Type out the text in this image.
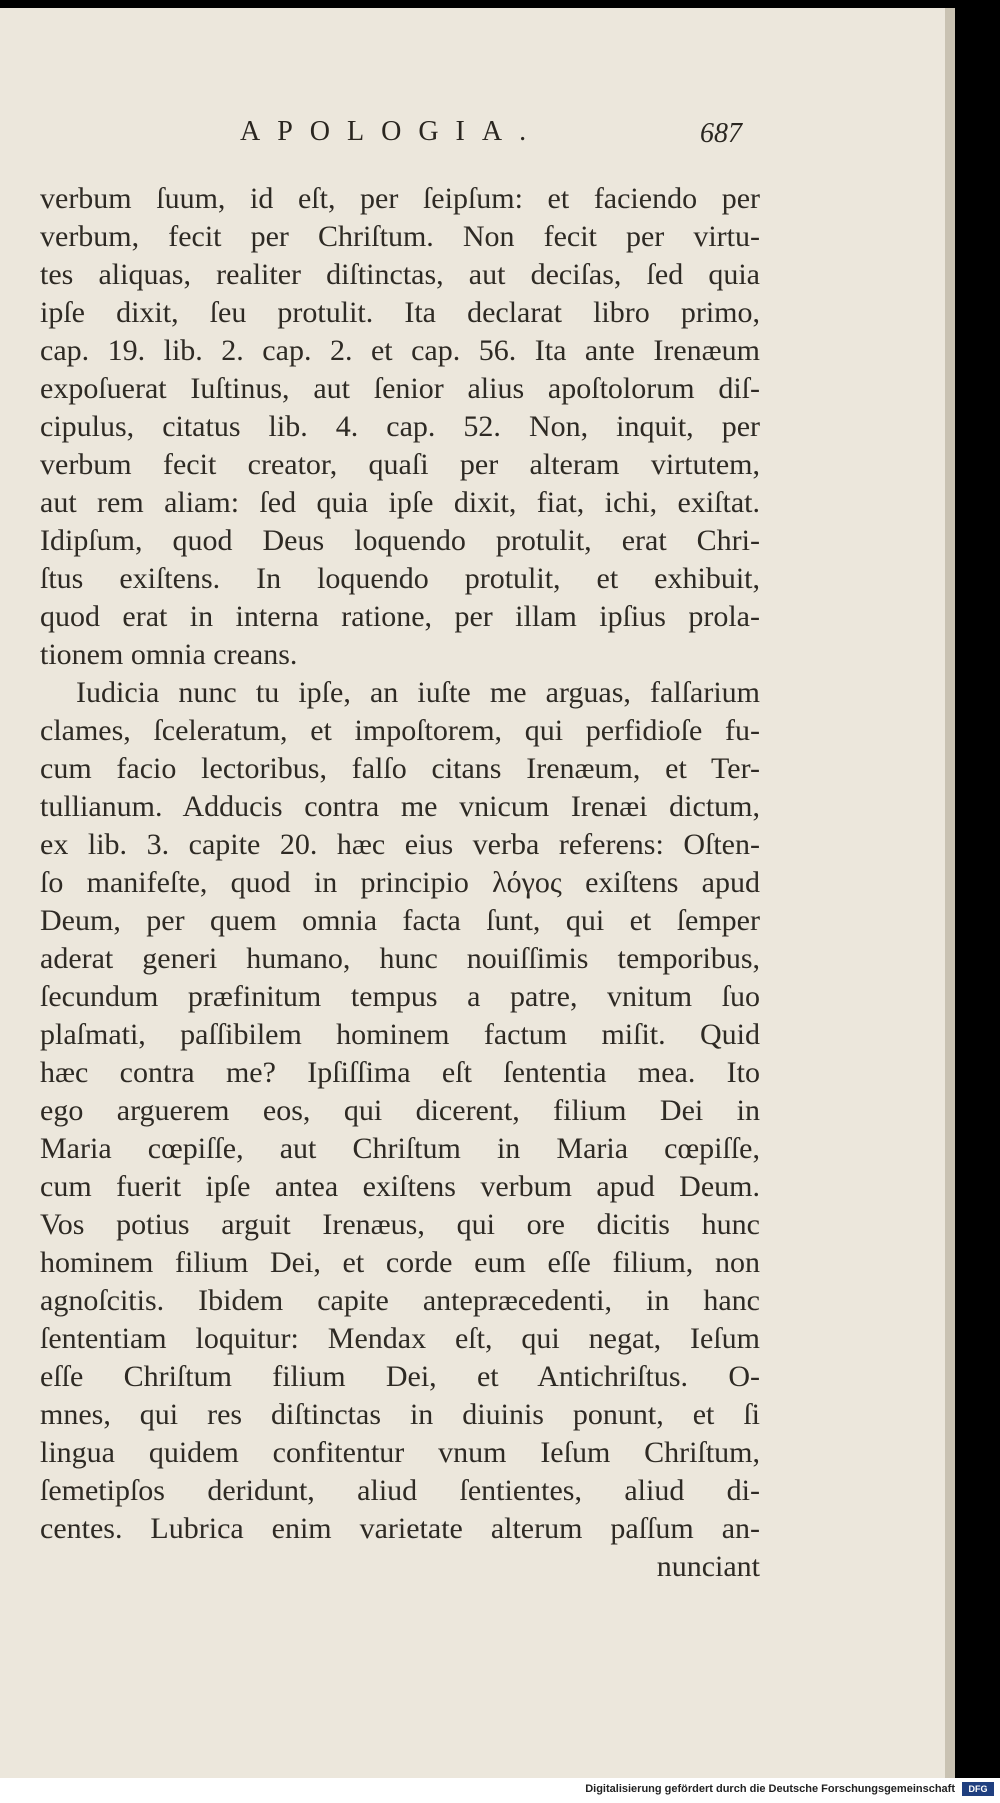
APOLOGIA.	687
verbum ſuum, id eſt, per ſeipſum: et faciendo per
verbum, fecit per Chriſtum. Non fecit per virtu-
tes aliquas, realiter diſtinctas, aut deciſas, ſed quia
ipſe dixit, ſeu protulit. Ita declarat libro primo,
cap. 19. lib. 2. cap. 2. et cap. 56. Ita ante Irenæum
expoſuerat Iuſtinus, aut ſenior alius apoſtolorum diſ-
cipulus, citatus lib. 4. cap. 52. Non, inquit, per
verbum fecit creator, quaſi per alteram virtutem,
aut rem aliam: ſed quia ipſe dixit, fiat, ichi, exiſtat.
Idipſum, quod Deus loquendo protulit, erat Chri-
ſtus exiſtens. In loquendo protulit, et exhibuit,
quod erat in interna ratione, per illam ipſius prola-
tionem omnia creans.
Iudicia nunc tu ipſe, an iuſte me arguas, falſarium
clames, ſceleratum, et impoſtorem, qui perfidioſe fu-
cum facio lectoribus, falſo citans Irenæum, et Ter-
tullianum. Adducis contra me vnicum Irenæi dictum,
ex lib. 3. capite 20. hæc eius verba referens: Oſten-
ſo manifeſte, quod in principio λόγος exiſtens apud
Deum, per quem omnia facta ſunt, qui et ſemper
aderat generi humano, hunc nouiſſimis temporibus,
ſecundum præfinitum tempus a patre, vnitum ſuo
plaſmati, paſſibilem hominem factum miſit. Quid
hæc contra me? Ipſiſſima eſt ſententia mea. Ito
ego arguerem eos, qui dicerent, filium Dei in
Maria cœpiſſe, aut Chriſtum in Maria cœpiſſe,
cum fuerit ipſe antea exiſtens verbum apud Deum.
Vos potius arguit Irenæus, qui ore dicitis hunc
hominem filium Dei, et corde eum eſſe filium, non
agnoſcitis. Ibidem capite antepræcedenti, in hanc
ſententiam loquitur: Mendax eſt, qui negat, Ieſum
eſſe Chriſtum filium Dei, et Antichriſtus. O-
mnes, qui res diſtinctas in diuinis ponunt, et ſi
lingua quidem confitentur vnum Ieſum Chriſtum,
ſemetipſos deridunt, aliud ſentientes, aliud di-
centes. Lubrica enim varietate alterum paſſum an-
nunciant
Digitalisierung gefördert durch die Deutsche Forschungsgemeinschaft	DFG
